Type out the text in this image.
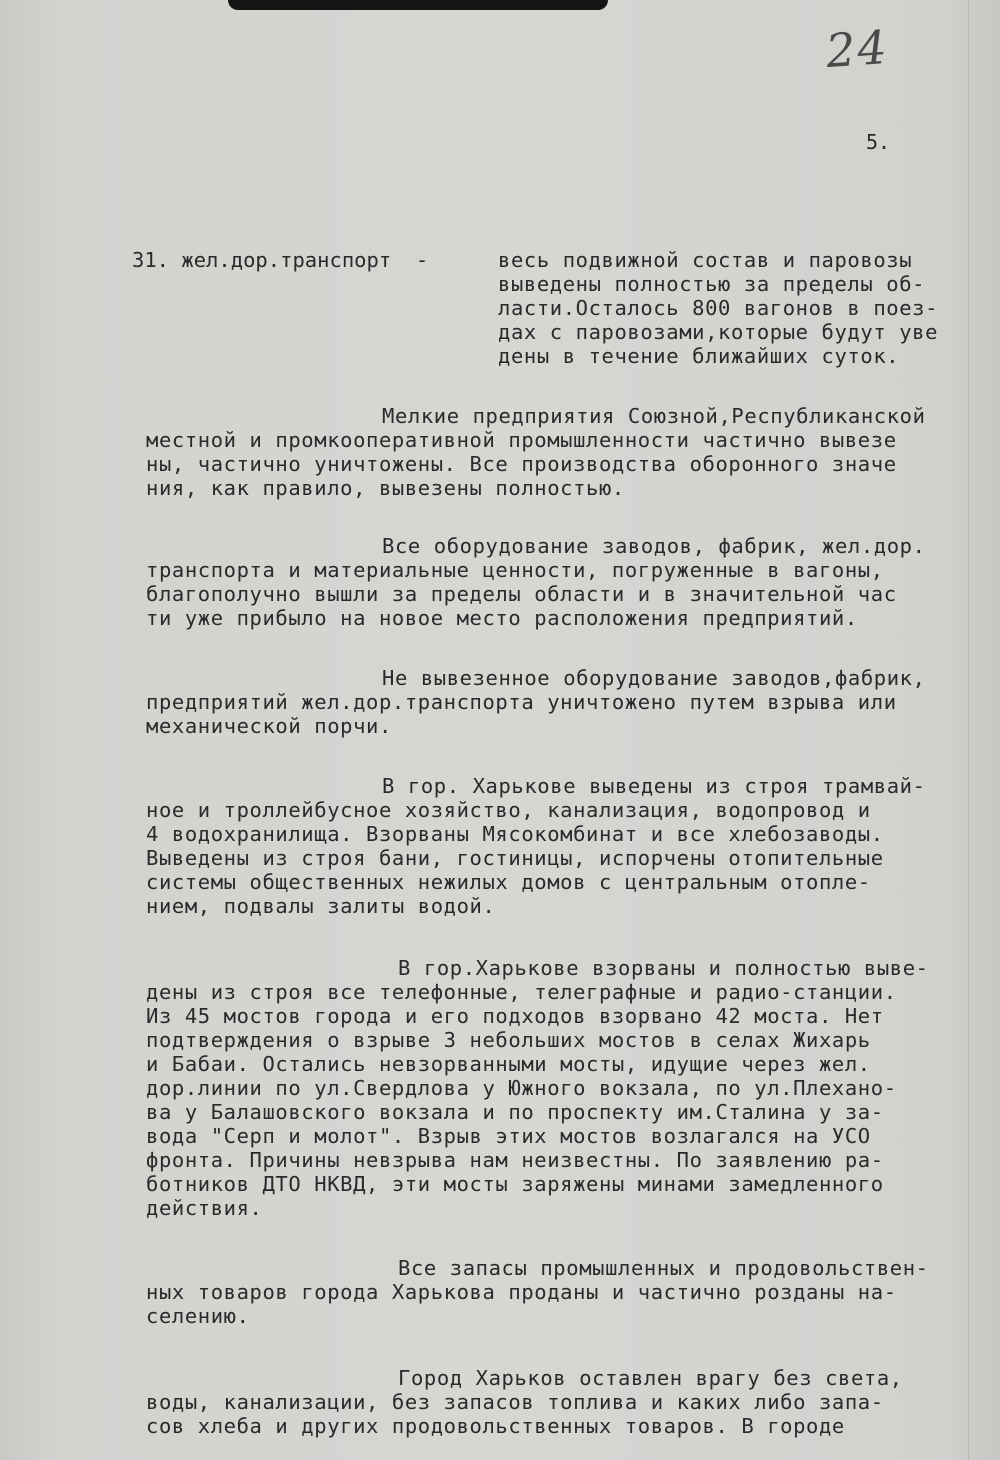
24
5.
31. жел.дор.транспорт -	весь подвижной состав и паровозы
выведены полностью за пределы об-
ласти.Осталось 800 вагонов в поез-
дах с паровозами,которые будут уве
дены в течение ближайших суток.
Мелкие предприятия Союзной,Республиканской
местной и промкооперативной промышленности частично вывезе
ны, частично уничтожены. Все производства оборонного значе
ния, как правило, вывезены полностью.
Все оборудование заводов, фабрик, жел.дор.
транспорта и материальные ценности, погруженные в вагоны,
благополучно вышли за пределы области и в значительной час
ти уже прибыло на новое место расположения предприятий.
Не вывезенное оборудование заводов,фабрик,
предприятий жел.дор.транспорта уничтожено путем взрыва или
механической порчи.
В гор. Харькове выведены из строя трамвай-
ное и троллейбусное хозяйство, канализация, водопровод и
4 водохранилища. Взорваны Мясокомбинат и все хлебозаводы.
Выведены из строя бани, гостиницы, испорчены отопительные
системы общественных нежилых домов с центральным отопле-
нием, подвалы залиты водой.
В гор.Харькове взорваны и полностью выве-
дены из строя все телефонные, телеграфные и радио-станции.
Из 45 мостов города и его подходов взорвано 42 моста. Нет
подтверждения о взрыве 3 небольших мостов в селах Жихарь
и Бабаи. Остались невзорванными мосты, идущие через жел.
дор.линии по ул.Свердлова у Южного вокзала, по ул.Плехано-
ва у Балашовского вокзала и по проспекту им.Сталина у за-
вода "Серп и молот". Взрыв этих мостов возлагался на УСО
фронта. Причины невзрыва нам неизвестны. По заявлению ра-
ботников ДТО НКВД, эти мосты заряжены минами замедленного
действия.
Все запасы промышленных и продовольствен-
ных товаров города Харькова проданы и частично розданы на-
селению.
Город Харьков оставлен врагу без света,
воды, канализации, без запасов топлива и каких либо запа-
сов хлеба и других продовольственных товаров. В городе
